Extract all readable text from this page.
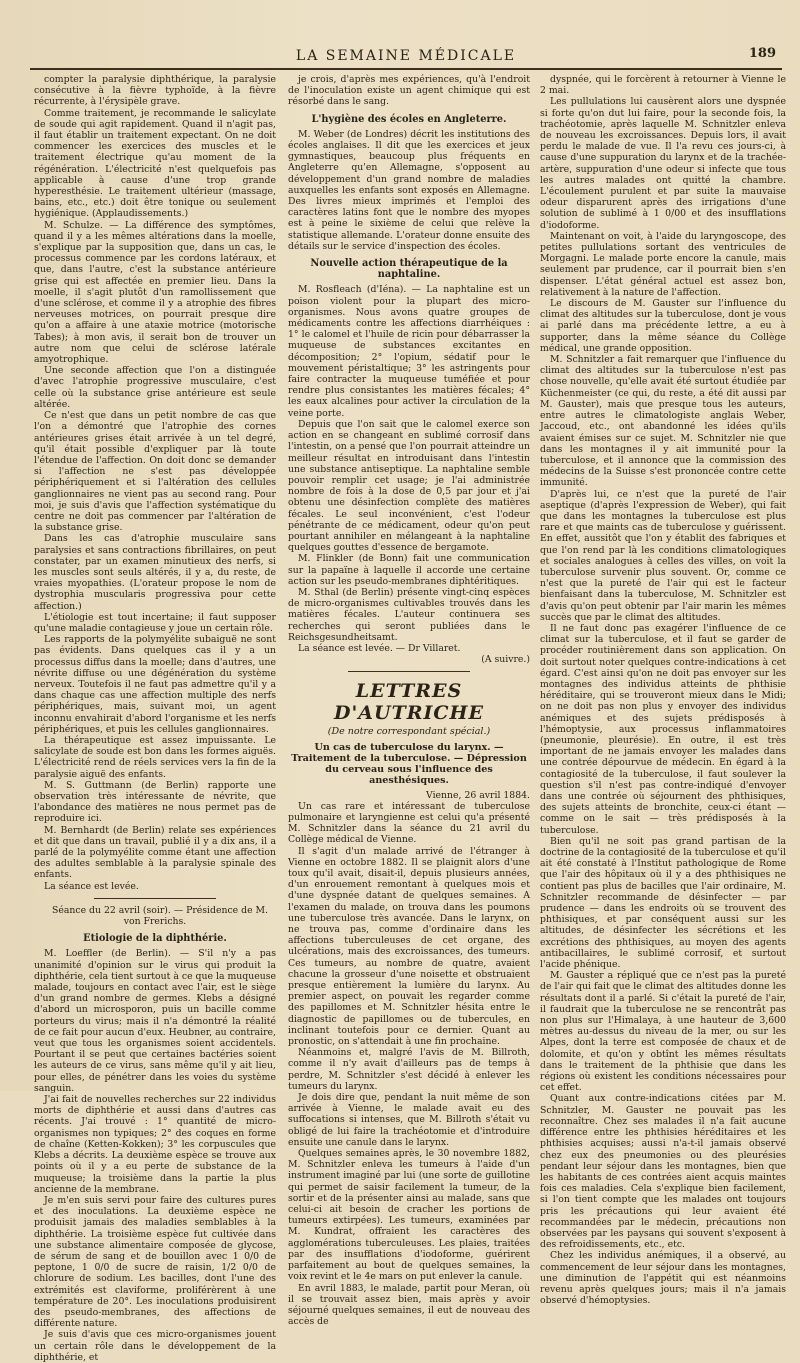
LA SEMAINE MÉDICALE	189

compter la paralysie diphthérique, la paralysie consécutive à la fièvre typhoïde, à la fièvre récurrente, à l'érysipèle grave.

Comme traitement, je recommande le salicylate de soude qui agit rapidement. Quand il n'agit pas, il faut établir un traitement expectant. On ne doit commencer les exercices des muscles et le traitement électrique qu'au moment de la régénération. L'électricité n'est quelquefois pas applicable à cause d'une trop grande hyperesthésie. Le traitement ultérieur (massage, bains, etc., etc.) doit être tonique ou seulement hygiénique. (Applaudissements.)

M. Schulze. — La différence des symptômes, quand il y a les mêmes altérations dans la moelle, s'explique par la supposition que, dans un cas, le processus commence par les cordons latéraux, et que, dans l'autre, c'est la substance antérieure grise qui est affectée en premier lieu. Dans la moelle, il s'agit plutôt d'un ramollissement que d'une sclérose, et comme il y a atrophie des fibres nerveuses motrices, on pourrait presque dire qu'on a affaire à une ataxie motrice (motorische Tabes); à mon avis, il serait bon de trouver un autre nom que celui de sclérose latérale amyotrophique.

Une seconde affection que l'on a distinguée d'avec l'atrophie progressive musculaire, c'est celle où la substance grise antérieure est seule altérée.

Ce n'est que dans un petit nombre de cas que l'on a démontré que l'atrophie des cornes antérieures grises était arrivée à un tel degré, qu'il était possible d'expliquer par là toute l'étendue de l'affection. On doit donc se demander si l'affection ne s'est pas développée périphériquement et si l'altération des cellules ganglionnaires ne vient pas au second rang. Pour moi, je suis d'avis que l'affection systématique du centre ne doit pas commencer par l'altération de la substance grise.

Dans les cas d'atrophie musculaire sans paralysies et sans contractions fibrillaires, on peut constater, par un examen minutieux des nerfs, si les muscles sont seuls altérés, il y a, du reste, de vraies myopathies. (L'orateur propose le nom de dystrophia muscularis progressiva pour cette affection.)

L'étiologie est tout incertaine; il faut supposer qu'une maladie contagieuse y joue un certain rôle.

Les rapports de la polymyélite subaiguë ne sont pas évidents. Dans quelques cas il y a un processus diffus dans la moelle; dans d'autres, une névrite diffuse ou une dégénération du système nerveux. Toutefois il ne faut pas admettre qu'il y a dans chaque cas une affection multiple des nerfs périphériques, mais, suivant moi, un agent inconnu envahirait d'abord l'organisme et les nerfs périphériques, et puis les cellules ganglionnaires.

La thérapeutique est assez impuissante. Le salicylate de soude est bon dans les formes aiguës. L'électricité rend de réels services vers la fin de la paralysie aiguë des enfants.

M. S. Guttmann (de Berlin) rapporte une observation très intéressante de névrite, que l'abondance des matières ne nous permet pas de reproduire ici.

M. Bernhardt (de Berlin) relate ses expériences et dit que dans un travail, publié il y a dix ans, il a parlé de la polymyélite comme étant une affection des adultes semblable à la paralysie spinale des enfants.

La séance est levée.

Séance du 22 avril (soir). — Présidence de M. von Frerichs.

Etiologie de la diphthérie.

M. Loeffler (de Berlin). — S'il n'y a pas unanimité d'opinion sur le virus qui produit la diphthérie, cela tient surtout à ce que la muqueuse malade, toujours en contact avec l'air, est le siège d'un grand nombre de germes. Klebs a désigné d'abord un microsporon, puis un bacille comme porteurs du virus; mais il n'a démontré la réalité de ce fait pour aucun d'eux. Heubner, au contraire, veut que tous les organismes soient accidentels. Pourtant il se peut que certaines bactéries soient les auteurs de ce virus, sans même qu'il y ait lieu, pour elles, de pénétrer dans les voies du système sanguin.

J'ai fait de nouvelles recherches sur 22 individus morts de diphthérie et aussi dans d'autres cas récents. J'ai trouvé : 1° quantité de micro-organismes non typiques; 2° des coques en forme de chaîne (Ketten-Kokken); 3° les corpuscules que Klebs a décrits. La deuxième espèce se trouve aux points où il y a eu perte de substance de la muqueuse; la troisième dans la partie la plus ancienne de la membrane.

Je m'en suis servi pour faire des cultures pures et des inoculations. La deuxième espèce ne produisit jamais des maladies semblables à la diphthérie. La troisième espèce fut cultivée dans une substance alimentaire composée de glycose, de sérum de sang et de bouillon avec 1 0/0 de peptone, 1 0/0 de sucre de raisin, 1/2 0/0 de chlorure de sodium. Les bacilles, dont l'une des extrémités est claviforme, proliférèrent à une température de 20°. Les inoculations produisirent des pseudo-membranes, des affections de différente nature.

Je suis d'avis que ces micro-organismes jouent un certain rôle dans le développement de la diphthérie, et

je crois, d'après mes expériences, qu'à l'endroit de l'inoculation existe un agent chimique qui est résorbé dans le sang.

L'hygiène des écoles en Angleterre.

M. Weber (de Londres) décrit les institutions des écoles anglaises. Il dit que les exercices et jeux gymnastiques, beaucoup plus fréquents en Angleterre qu'en Allemagne, s'opposent au développement d'un grand nombre de maladies auxquelles les enfants sont exposés en Allemagne. Des livres mieux imprimés et l'emploi des caractères latins font que le nombre des myopes est à peine le sixième de celui que relève la statistique allemande. L'orateur donne ensuite des détails sur le service d'inspection des écoles.

Nouvelle action thérapeutique de la naphtaline.

M. Rosfleach (d'Iéna). — La naphtaline est un poison violent pour la plupart des micro-organismes. Nous avons quatre groupes de médicaments contre les affections diarrhéiques : 1° le calomel et l'huile de ricin pour débarrasser la muqueuse de substances excitantes en décomposition; 2° l'opium, sédatif pour le mouvement péristaltique; 3° les astringents pour faire contracter la muqueuse tuméfiée et pour rendre plus consistantes les matières fécales; 4° les eaux alcalines pour activer la circulation de la veine porte.

Depuis que l'on sait que le calomel exerce son action en se changeant en sublimé corrosif dans l'intestin, on a pensé que l'on pourrait atteindre un meilleur résultat en introduisant dans l'intestin une substance antiseptique. La naphtaline semble pouvoir remplir cet usage; je l'ai administrée nombre de fois à la dose de 0,5 par jour et j'ai obtenu une désinfection complète des matières fécales. Le seul inconvénient, c'est l'odeur pénétrante de ce médicament, odeur qu'on peut pourtant annihiler en mélangeant à la naphtaline quelques gouttes d'essence de bergamote.

M. Flinkler (de Bonn) fait une communication sur la papaïne à laquelle il accorde une certaine action sur les pseudo-membranes diphtéritiques.

M. Sthal (de Berlin) présente vingt-cinq espèces de micro-organismes cultivables trouvés dans les matières fécales. L'auteur continuera ses recherches qui seront publiées dans le Reichsgesundheitsamt.

La séance est levée. — Dr Villaret.

(A suivre.)

LETTRES D'AUTRICHE
(De notre correspondant spécial.)
Un cas de tuberculose du larynx. — Traitement de la tuberculose. — Dépression du cerveau sous l'influence des anesthésiques.

Vienne, 26 avril 1884.

Un cas rare et intéressant de tuberculose pulmonaire et laryngienne est celui qu'a présenté M. Schnitzler dans la séance du 21 avril du Collège médical de Vienne.

Il s'agit d'un malade arrivé de l'étranger à Vienne en octobre 1882. Il se plaignit alors d'une toux qu'il avait, disait-il, depuis plusieurs années, d'un enrouement remontant à quelques mois et d'une dyspnée datant de quelques semaines. A l'examen du malade, on trouva dans les poumons une tuberculose très avancée. Dans le larynx, on ne trouva pas, comme d'ordinaire dans les affections tuberculeuses de cet organe, des ulcérations, mais des excroissances, des tumeurs. Ces tumeurs, au nombre de quatre, avaient chacune la grosseur d'une noisette et obstruaient presque entièrement la lumière du larynx. Au premier aspect, on pouvait les regarder comme des papillomes et M. Schnitzler hésita entre le diagnostic de papillomes ou de tubercules, en inclinant toutefois pour ce dernier. Quant au pronostic, on s'attendait à une fin prochaine.

Néanmoins et, malgré l'avis de M. Billroth, comme il n'y avait d'ailleurs pas de temps à perdre, M. Schnitzler s'est décidé à enlever les tumeurs du larynx.

Je dois dire que, pendant la nuit même de son arrivée à Vienne, le malade avait eu des suffocations si intenses, que M. Billroth s'était vu obligé de lui faire la trachéotomie et d'introduire ensuite une canule dans le larynx.

Quelques semaines après, le 30 novembre 1882, M. Schnitzler enleva les tumeurs à l'aide d'un instrument imaginé par lui (une sorte de guillotine qui permet de saisir facilement la tumeur, de la sortir et de la présenter ainsi au malade, sans que celui-ci ait besoin de cracher les portions de tumeurs extirpées). Les tumeurs, examinées par M. Kundrat, offraient les caractères des agglomérations tuberculeuses. Les plaies, traitées par des insufflations d'iodoforme, guérirent parfaitement au bout de quelques semaines, la voix revint et le 4e mars on put enlever la canule.

En avril 1883, le malade, partit pour Meran, où il se trouvait assez bien, mais après y avoir séjourné quelques semaines, il eut de nouveau des accès de

dyspnée, qui le forcèrent à retourner à Vienne le 2 mai.

Les pullulations lui causèrent alors une dyspnée si forte qu'on dut lui faire, pour la seconde fois, la trachéotomie, après laquelle M. Schnitzler enleva de nouveau les excroissances. Depuis lors, il avait perdu le malade de vue. Il l'a revu ces jours-ci, à cause d'une suppuration du larynx et de la trachée-artère, suppuration d'une odeur si infecte que tous les autres malades ont quitté la chambre. L'écoulement purulent et par suite la mauvaise odeur disparurent après des irrigations d'une solution de sublimé à 1 0/00 et des insufflations d'iodoforme.

Maintenant on voit, à l'aide du laryngoscope, des petites pullulations sortant des ventricules de Morgagni. Le malade porte encore la canule, mais seulement par prudence, car il pourrait bien s'en dispenser. L'état général actuel est assez bon, relativement à la nature de l'affection.

Le discours de M. Gauster sur l'influence du climat des altitudes sur la tuberculose, dont je vous ai parlé dans ma précédente lettre, a eu à supporter, dans la même séance du Collège médical, une grande opposition.

M. Schnitzler a fait remarquer que l'influence du climat des altitudes sur la tuberculose n'est pas chose nouvelle, qu'elle avait été surtout étudiée par Küchenmeister (ce qui, du reste, a été dit aussi par M. Gauster), mais que presque tous les auteurs, entre autres le climatologiste anglais Weber, Jaccoud, etc., ont abandonné les idées qu'ils avaient émises sur ce sujet. M. Schnitzler nie que dans les montagnes il y ait immunité pour la tuberculose, et il annonce que la commission des médecins de la Suisse s'est prononcée contre cette immunité.

D'après lui, ce n'est que la pureté de l'air aseptique (d'après l'expression de Weber), qui fait que dans les montagnes la tuberculose est plus rare et que maints cas de tuberculose y guérissent. En effet, aussitôt que l'on y établit des fabriques et que l'on rend par là les conditions climatologiques et sociales analogues à celles des villes, on voit la tuberculose survenir plus souvent. Or, comme ce n'est que la pureté de l'air qui est le facteur bienfaisant dans la tuberculose, M. Schnitzler est d'avis qu'on peut obtenir par l'air marin les mêmes succès que par le climat des altitudes.

Il ne faut donc pas exagérer l'influence de ce climat sur la tuberculose, et il faut se garder de procéder routinièrement dans son application. On doit surtout noter quelques contre-indications à cet égard. C'est ainsi qu'on ne doit pas envoyer sur les montagnes des individus atteints de phthisie héréditaire, qui se trouveront mieux dans le Midi; on ne doit pas non plus y envoyer des individus anémiques et des sujets prédisposés à l'hémoptysie, aux processus inflammatoires (pneumonie, pleurésie). En outre, il est très important de ne jamais envoyer les malades dans une contrée dépourvue de médecin. En égard à la contagiosité de la tuberculose, il faut soulever la question s'il n'est pas contre-indiqué d'envoyer dans une contrée où séjournent des phthisiques, des sujets atteints de bronchite, ceux-ci étant — comme on le sait — très prédisposés à la tuberculose.

Bien qu'il ne soit pas grand partisan de la doctrine de la contagiosité de la tuberculose et qu'il ait été constaté à l'Institut pathologique de Rome que l'air des hôpitaux où il y a des phthisiques ne contient pas plus de bacilles que l'air ordinaire, M. Schnitzler recommande de désinfecter — par prudence — dans les endroits où se trouvent des phthisiques, et par conséquent aussi sur les altitudes, de désinfecter les sécrétions et les excrétions des phthisiques, au moyen des agents antibacillaires, le sublimé corrosif, et surtout l'acide phénique.

M. Gauster a répliqué que ce n'est pas la pureté de l'air qui fait que le climat des altitudes donne les résultats dont il a parlé. Si c'était la pureté de l'air, il faudrait que la tuberculose ne se rencontrât pas non plus sur l'Himalaya, à une hauteur de 3,600 mètres au-dessus du niveau de la mer, ou sur les Alpes, dont la terre est composée de chaux et de dolomite, et qu'on y obtînt les mêmes résultats dans le traitement de la phthisie que dans les régions où existent les conditions nécessaires pour cet effet.

Quant aux contre-indications citées par M. Schnitzler, M. Gauster ne pouvait pas les reconnaître. Chez ses malades il n'a fait aucune différence entre les phthisies héréditaires et les phthisies acquises; aussi n'a-t-il jamais observé chez eux des pneumonies ou des pleurésies pendant leur séjour dans les montagnes, bien que les habitants de ces contrées aient acquis maintes fois ces maladies. Cela s'explique bien facilement, si l'on tient compte que les malades ont toujours pris les précautions qui leur avaient été recommandées par le médecin, précautions non observées par les paysans qui souvent s'exposent à des refroidissements, etc., etc.

Chez les individus anémiques, il a observé, au commencement de leur séjour dans les montagnes, une diminution de l'appétit qui est néanmoins revenu après quelques jours; mais il n'a jamais observé d'hémoptysies.
